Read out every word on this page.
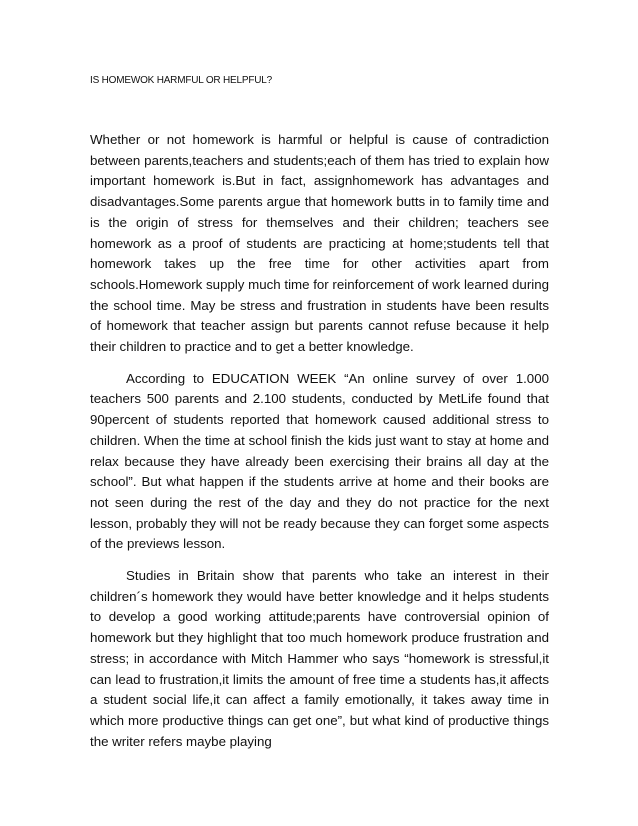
IS HOMEWOK HARMFUL OR HELPFUL?

Whether or not homework is harmful or helpful is cause of contradiction between parents,teachers and students;each of them has tried to explain how important homework is.But in fact, assignhomework has advantages and disadvantages.Some parents argue that homework butts in to family time and is the origin of stress for themselves and their children; teachers see homework as a proof of students are practicing at home;students tell that homework takes up the free time for other activities apart from schools.Homework supply much time for reinforcement of work learned during the school time. May be stress and frustration in students have been results of homework that teacher assign but parents cannot refuse because it help their children to practice and to get a better knowledge.

According to EDUCATION WEEK “An online survey of over 1.000 teachers 500 parents and 2.100 students, conducted by MetLife found that 90percent of students reported that homework caused additional stress to children. When the time at school finish the kids just want to stay at home and relax because they have already been exercising their brains all day at the school”. But what happen if the students arrive at home and their books are not seen during the rest of the day and they do not practice for the next lesson, probably they will not be ready because they can forget some aspects of the previews lesson.

Studies in Britain show that parents who take an interest in their children´s homework they would have better knowledge and it helps students to develop a good working attitude;parents have controversial opinion of homework but they highlight that too much homework produce frustration and stress; in accordance with Mitch Hammer who says “homework is stressful,it can lead to frustration,it limits the amount of free time a students has,it affects a student social life,it can affect a family emotionally, it takes away time in which more productive things can get one”, but what kind of productive things the writer refers maybe playing
